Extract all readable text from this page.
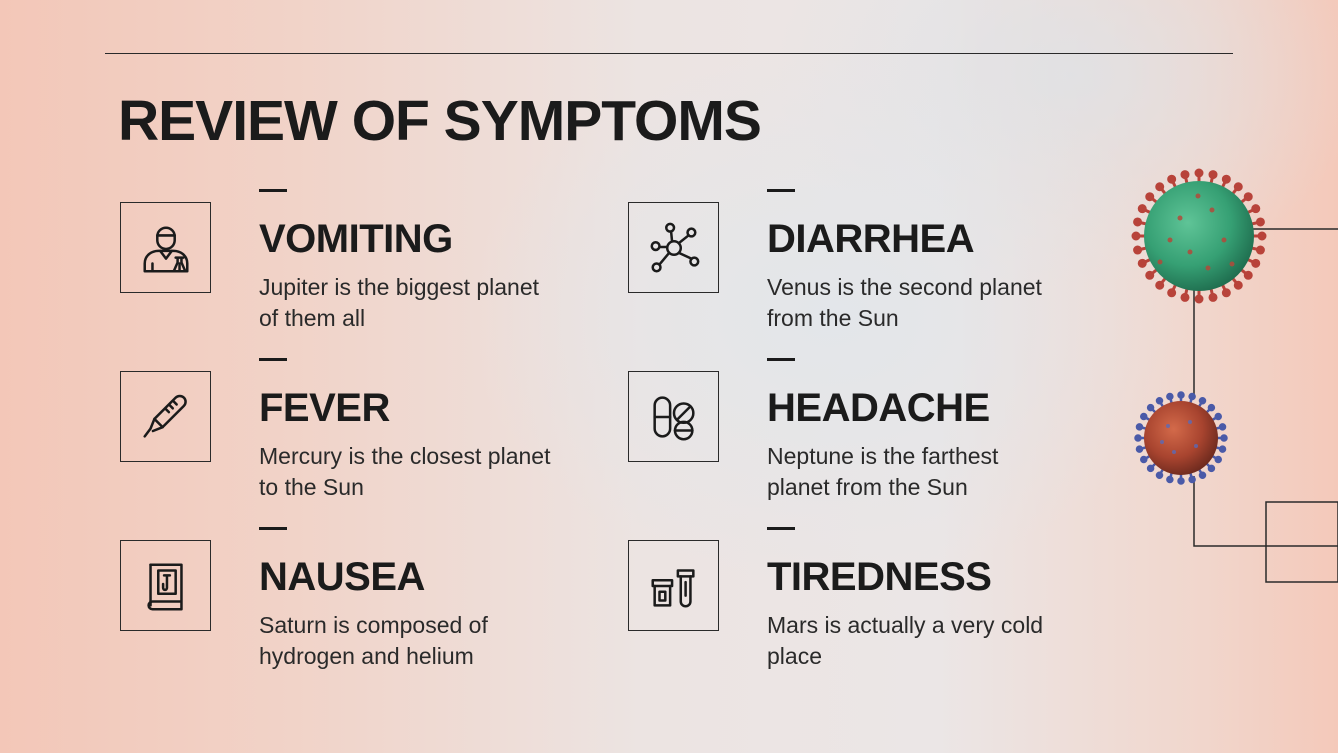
REVIEW OF SYMPTOMS
VOMITING

Jupiter is the biggest planet of them all

FEVER

Mercury is the closest planet to the Sun

NAUSEA

Saturn is composed of hydrogen and helium

DIARRHEA

Venus is the second planet from the Sun

HEADACHE

Neptune is the farthest planet from the Sun

TIREDNESS

Mars is actually a very cold place
